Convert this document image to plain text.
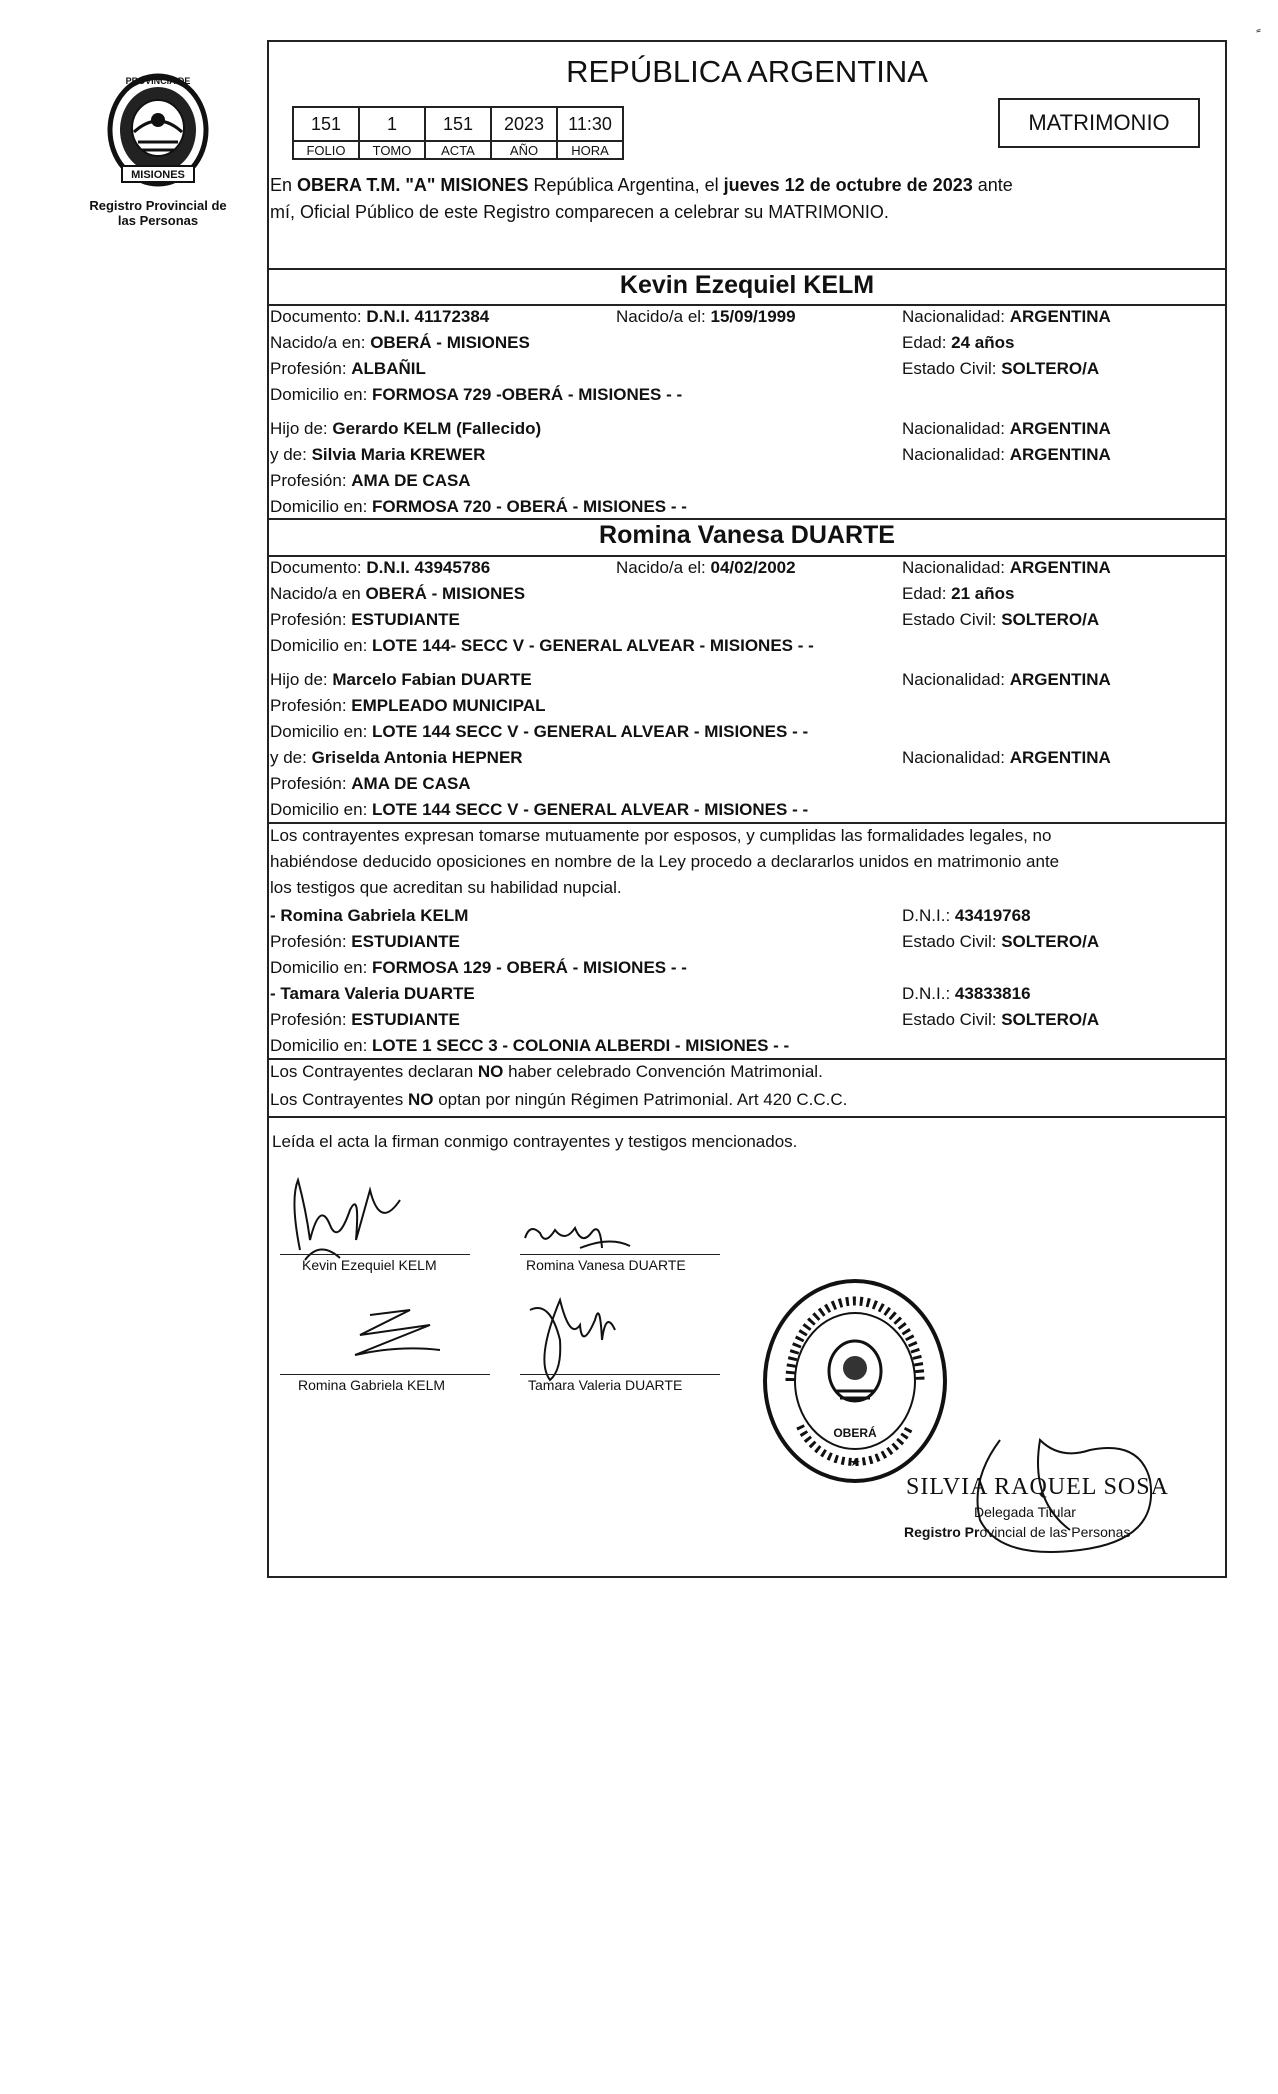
PROVINCIA DE
MISIONES
Registro Provincial de las Personas
REPÚBLICA ARGENTINA
151	1	151	2023	11:30
FOLIO	TOMO	ACTA	AÑO	HORA
MATRIMONIO
En OBERA T.M. "A" MISIONES República Argentina, el jueves 12 de octubre de 2023 ante
mí, Oficial Público de este Registro comparecen a celebrar su MATRIMONIO.
Kevin Ezequiel KELM
Documento: D.N.I. 41172384	Nacido/a el: 15/09/1999	Nacionalidad: ARGENTINA
Nacido/a en: OBERÁ - MISIONES	Edad: 24 años
Profesión: ALBAÑIL	Estado Civil: SOLTERO/A
Domicilio en: FORMOSA 729 -OBERÁ - MISIONES - -
Hijo de: Gerardo KELM (Fallecido)	Nacionalidad: ARGENTINA
y de: Silvia Maria KREWER	Nacionalidad: ARGENTINA
Profesión: AMA DE CASA
Domicilio en: FORMOSA 720 - OBERÁ - MISIONES - -
Romina Vanesa DUARTE
Documento: D.N.I. 43945786	Nacido/a el: 04/02/2002	Nacionalidad: ARGENTINA
Nacido/a en OBERÁ - MISIONES	Edad: 21 años
Profesión: ESTUDIANTE	Estado Civil: SOLTERO/A
Domicilio en: LOTE 144- SECC V - GENERAL ALVEAR - MISIONES - -
Hijo de: Marcelo Fabian DUARTE	Nacionalidad: ARGENTINA
Profesión: EMPLEADO MUNICIPAL
Domicilio en: LOTE 144 SECC V - GENERAL ALVEAR - MISIONES - -
y de: Griselda Antonia HEPNER	Nacionalidad: ARGENTINA
Profesión: AMA DE CASA
Domicilio en: LOTE 144 SECC V - GENERAL ALVEAR - MISIONES - -
Los contrayentes expresan tomarse mutuamente por esposos, y cumplidas las formalidades legales, no
habiéndose deducido oposiciones en nombre de la Ley procedo a declararlos unidos en matrimonio ante
los testigos que acreditan su habilidad nupcial.
- Romina Gabriela KELM	D.N.I.: 43419768
Profesión: ESTUDIANTE	Estado Civil: SOLTERO/A
Domicilio en: FORMOSA 129 - OBERÁ - MISIONES - -
- Tamara Valeria DUARTE	D.N.I.: 43833816
Profesión: ESTUDIANTE	Estado Civil: SOLTERO/A
Domicilio en: LOTE 1 SECC 3 - COLONIA ALBERDI - MISIONES - -
Los Contrayentes declaran NO haber celebrado Convención Matrimonial.
Los Contrayentes NO optan por ningún Régimen Patrimonial. Art 420 C.C.C.
Leída el acta la firman conmigo contrayentes y testigos mencionados.
Kevin Ezequiel KELM	Romina Vanesa DUARTE
Romina Gabriela KELM	Tamara Valeria DUARTE
OBERÁ
SILVIA RAQUEL SOSA
Delegada Titular
Registro Provincial de las Personas
